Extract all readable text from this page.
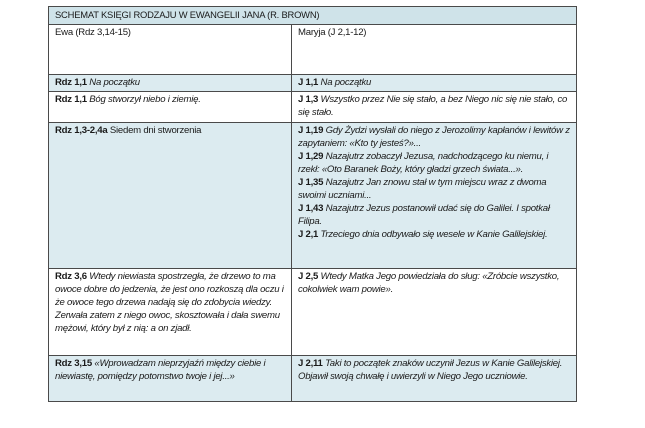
SCHEMAT KSIĘGI RODZAJU W EWANGELII JANA (R. BROWN)	
Ewa (Rdz 3,14-15)	Maryja (J 2,1-12)
Rdz 1,1 Na początku	J 1,1 Na początku
Rdz 1,1 Bóg stworzył niebo i ziemię.	J 1,3 Wszystko przez Nie się stało, a bez Niego nic się nie stało, co się stało.
Rdz 1,3-2,4a Siedem dni stworzenia	J 1,19 Gdy Żydzi wysłali do niego z Jerozolimy kapłanów i lewitów z zapytaniem: «Kto ty jesteś?»...
J 1,29 Nazajutrz zobaczył Jezusa, nadchodzącego ku niemu, i rzekł: «Oto Baranek Boży, który gładzi grzech świata...».
J 1,35 Nazajutrz Jan znowu stał w tym miejscu wraz z dwoma swoimi uczniami...
J 1,43 Nazajutrz Jezus postanowił udać się do Galilei. I spotkał Filipa.
J 2,1 Trzeciego dnia odbywało się wesele w Kanie Galilejskiej.

Rdz 3,6 Wtedy niewiasta spostrzegła, że drzewo to ma owoce dobre do jedzenia, że jest ono rozkoszą dla oczu i że owoce tego drzewa nadają się do zdobycia wiedzy. Zerwała zatem z niego owoc, skosztowała i dała swemu mężowi, który był z nią: a on zjadł.	J 2,5 Wtedy Matka Jego powiedziała do sług: «Zróbcie wszystko, cokolwiek wam powie».
Rdz 3,15 «Wprowadzam nieprzyjaźń między ciebie i niewiastę, pomiędzy potomstwo twoje i jej...»	J 2,11 Taki to początek znaków uczynił Jezus w Kanie Galilejskiej. Objawił swoją chwałę i uwierzyli w Niego Jego uczniowie.
